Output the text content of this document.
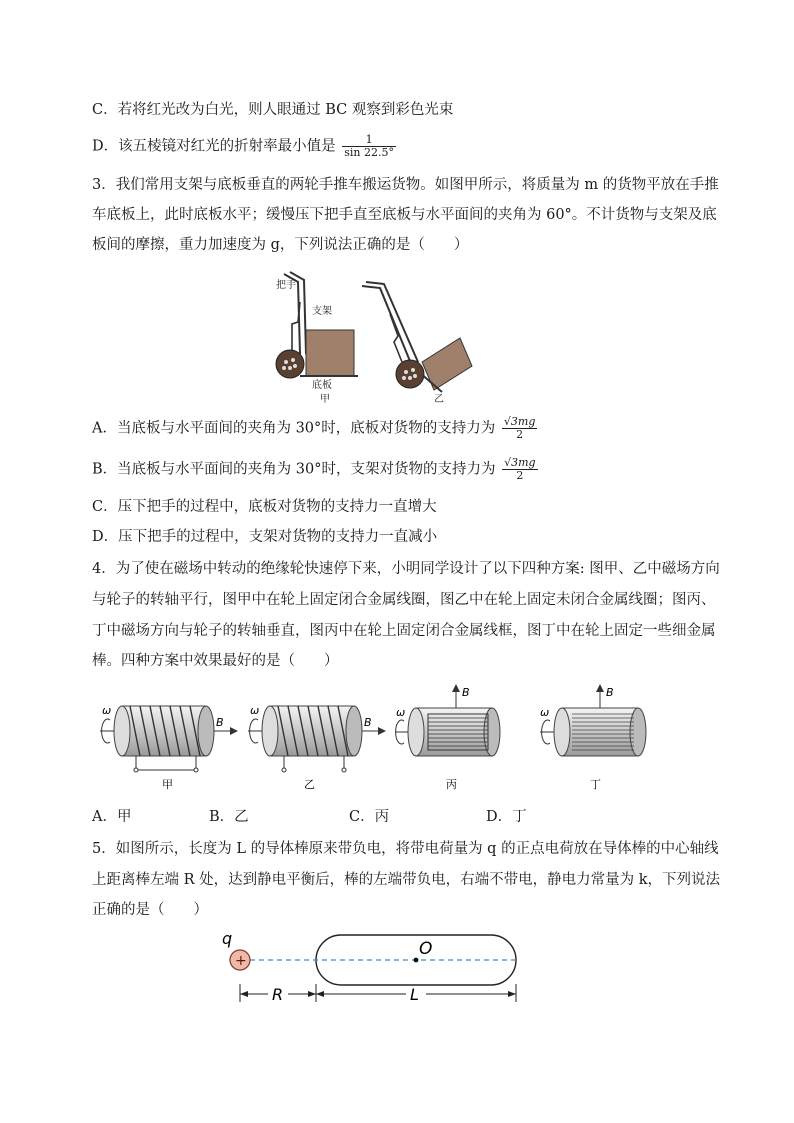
C．若将红光改为白光，则人眼通过 BC 观察到彩色光束
D．该五棱镜对红光的折射率最小值是 $\frac{1}{\sin 22.5^\circ}$
3．我们常用支架与底板垂直的两轮手推车搬运货物。如图甲所示，将质量为 m 的货物平放在手推
车底板上，此时底板水平；缓慢压下把手直至底板与水平面间的夹角为 60°。不计货物与支架及底
板间的摩擦，重力加速度为 g，下列说法正确的是（　　）
把手
支架
底板
甲	乙
A．当底板与水平面间的夹角为 30°时，底板对货物的支持力为 $\frac{√3mg}{2}$
B．当底板与水平面间的夹角为 30°时，支架对货物的支持力为 $\frac{√3mg}{2}$
C．压下把手的过程中，底板对货物的支持力一直增大
D．压下把手的过程中，支架对货物的支持力一直减小
4．为了使在磁场中转动的绝缘轮快速停下来，小明同学设计了以下四种方案: 图甲、乙中磁场方向
与轮子的转轴平行，图甲中在轮上固定闭合金属线圈，图乙中在轮上固定未闭合金属线圈；图丙、
丁中磁场方向与轮子的转轴垂直，图丙中在轮上固定闭合金属线框，图丁中在轮上固定一些细金属
棒。四种方案中效果最好的是（　　）
ω
B
甲
ω
B
乙
ω
B
丙
ω
B
丁
A．甲	B．乙	C．丙	D．丁
5．如图所示，长度为 L 的导体棒原来带负电，将带电荷量为 q 的正点电荷放在导体棒的中心轴线
上距离棒左端 R 处，达到静电平衡后，棒的左端带负电，右端不带电，静电力常量为 k，下列说法
正确的是（　　）
q
+
O
R	L
